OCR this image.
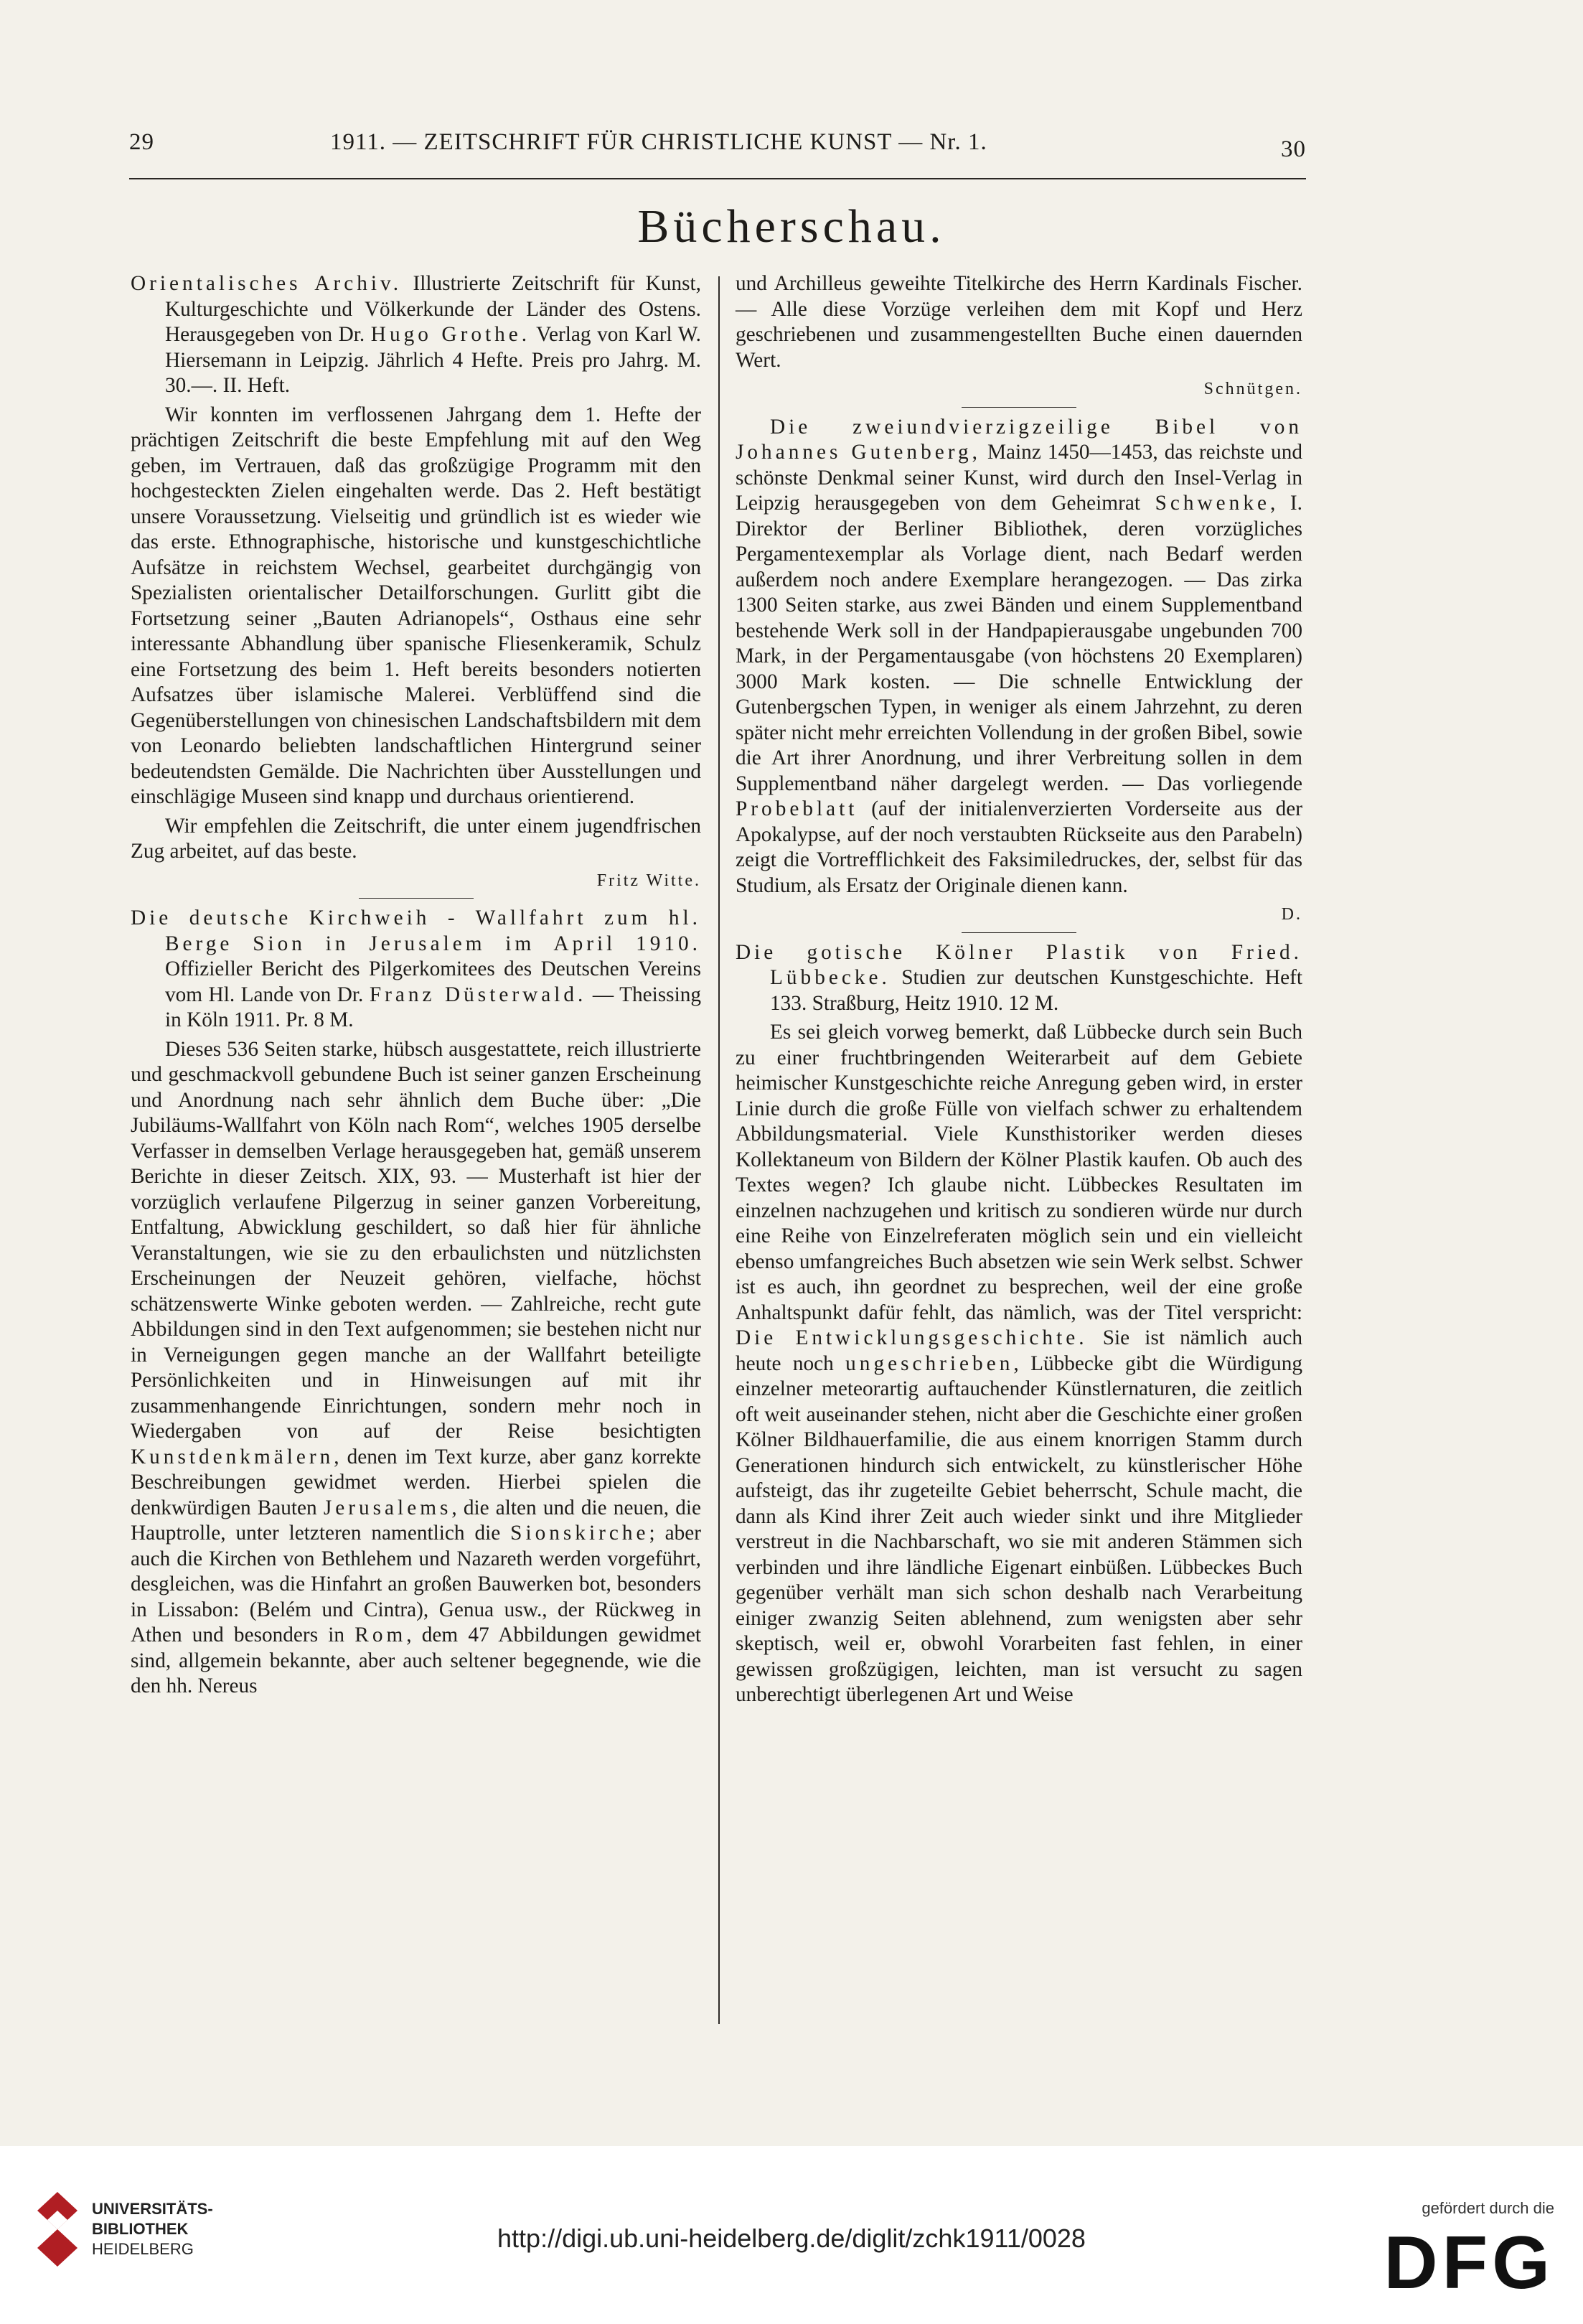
29	1911. — ZEITSCHRIFT FÜR CHRISTLICHE KUNST — Nr. 1.	30
Bücherschau.

Orientalisches Archiv. Illustrierte Zeitschrift für Kunst, Kulturgeschichte und Völkerkunde der Länder des Ostens. Herausgegeben von Dr. Hugo Grothe. Verlag von Karl W. Hiersemann in Leipzig. Jährlich 4 Hefte. Preis pro Jahrg. M. 30.—. II. Heft.

Wir konnten im verflossenen Jahrgang dem 1. Hefte der prächtigen Zeitschrift die beste Empfehlung mit auf den Weg geben, im Vertrauen, daß das großzügige Programm mit den hochgesteckten Zielen eingehalten werde. Das 2. Heft bestätigt unsere Voraussetzung. Vielseitig und gründlich ist es wieder wie das erste. Ethnographische, historische und kunstgeschichtliche Aufsätze in reichstem Wechsel, gearbeitet durchgängig von Spezialisten orientalischer Detailforschungen. Gurlitt gibt die Fortsetzung seiner „Bauten Adrianopels“, Osthaus eine sehr interessante Abhandlung über spanische Fliesenkeramik, Schulz eine Fortsetzung des beim 1. Heft bereits besonders notierten Aufsatzes über islamische Malerei. Verblüffend sind die Gegenüberstellungen von chinesischen Landschaftsbildern mit dem von Leonardo beliebten landschaftlichen Hintergrund seiner bedeutendsten Gemälde. Die Nachrichten über Ausstellungen und einschlägige Museen sind knapp und durchaus orientierend.

Wir empfehlen die Zeitschrift, die unter einem jugendfrischen Zug arbeitet, auf das beste.

Fritz Witte.

Die deutsche Kirchweih - Wallfahrt zum hl. Berge Sion in Jerusalem im April 1910. Offizieller Bericht des Pilgerkomitees des Deutschen Vereins vom Hl. Lande von Dr. Franz Düsterwald. — Theissing in Köln 1911. Pr. 8 M.

Dieses 536 Seiten starke, hübsch ausgestattete, reich illustrierte und geschmackvoll gebundene Buch ist seiner ganzen Erscheinung und Anordnung nach sehr ähnlich dem Buche über: „Die Jubiläums-Wallfahrt von Köln nach Rom“, welches 1905 derselbe Verfasser in demselben Verlage herausgegeben hat, gemäß unserem Berichte in dieser Zeitsch. XIX, 93. — Musterhaft ist hier der vorzüglich verlaufene Pilgerzug in seiner ganzen Vorbereitung, Entfaltung, Abwicklung geschildert, so daß hier für ähnliche Veranstaltungen, wie sie zu den erbaulichsten und nützlichsten Erscheinungen der Neuzeit gehören, vielfache, höchst schätzenswerte Winke geboten werden. — Zahlreiche, recht gute Abbildungen sind in den Text aufgenommen; sie bestehen nicht nur in Verneigungen gegen manche an der Wallfahrt beteiligte Persönlichkeiten und in Hinweisungen auf mit ihr zusammenhangende Einrichtungen, sondern mehr noch in Wiedergaben von auf der Reise besichtigten Kunstdenkmälern, denen im Text kurze, aber ganz korrekte Beschreibungen gewidmet werden. Hierbei spielen die denkwürdigen Bauten Jerusalems, die alten und die neuen, die Hauptrolle, unter letzteren namentlich die Sionskirche; aber auch die Kirchen von Bethlehem und Nazareth werden vorgeführt, desgleichen, was die Hinfahrt an großen Bauwerken bot, besonders in Lissabon: (Belém und Cintra), Genua usw., der Rückweg in Athen und besonders in Rom, dem 47 Abbildungen gewidmet sind, allgemein bekannte, aber auch seltener begegnende, wie die den hh. Nereus

und Archilleus geweihte Titelkirche des Herrn Kardinals Fischer. — Alle diese Vorzüge verleihen dem mit Kopf und Herz geschriebenen und zusammengestellten Buche einen dauernden Wert.

Schnütgen.

Die zweiundvierzigzeilige Bibel von Johannes Gutenberg, Mainz 1450—1453, das reichste und schönste Denkmal seiner Kunst, wird durch den Insel-Verlag in Leipzig herausgegeben von dem Geheimrat Schwenke, I. Direktor der Berliner Bibliothek, deren vorzügliches Pergamentexemplar als Vorlage dient, nach Bedarf werden außerdem noch andere Exemplare herangezogen. — Das zirka 1300 Seiten starke, aus zwei Bänden und einem Supplementband bestehende Werk soll in der Handpapierausgabe ungebunden 700 Mark, in der Pergamentausgabe (von höchstens 20 Exemplaren) 3000 Mark kosten. — Die schnelle Entwicklung der Gutenbergschen Typen, in weniger als einem Jahrzehnt, zu deren später nicht mehr erreichten Vollendung in der großen Bibel, sowie die Art ihrer Anordnung, und ihrer Verbreitung sollen in dem Supplementband näher dargelegt werden. — Das vorliegende Probeblatt (auf der initialenverzierten Vorderseite aus der Apokalypse, auf der noch verstaubten Rückseite aus den Parabeln) zeigt die Vortrefflichkeit des Faksimiledruckes, der, selbst für das Studium, als Ersatz der Originale dienen kann.

D.

Die gotische Kölner Plastik von Fried. Lübbecke. Studien zur deutschen Kunstgeschichte. Heft 133. Straßburg, Heitz 1910. 12 M.

Es sei gleich vorweg bemerkt, daß Lübbecke durch sein Buch zu einer fruchtbringenden Weiterarbeit auf dem Gebiete heimischer Kunstgeschichte reiche Anregung geben wird, in erster Linie durch die große Fülle von vielfach schwer zu erhaltendem Abbildungsmaterial. Viele Kunsthistoriker werden dieses Kollektaneum von Bildern der Kölner Plastik kaufen. Ob auch des Textes wegen? Ich glaube nicht. Lübbeckes Resultaten im einzelnen nachzugehen und kritisch zu sondieren würde nur durch eine Reihe von Einzelreferaten möglich sein und ein vielleicht ebenso umfangreiches Buch absetzen wie sein Werk selbst. Schwer ist es auch, ihn geordnet zu besprechen, weil der eine große Anhaltspunkt dafür fehlt, das nämlich, was der Titel verspricht: Die Entwicklungsgeschichte. Sie ist nämlich auch heute noch ungeschrieben, Lübbecke gibt die Würdigung einzelner meteorartig auftauchender Künstlernaturen, die zeitlich oft weit auseinander stehen, nicht aber die Geschichte einer großen Kölner Bildhauerfamilie, die aus einem knorrigen Stamm durch Generationen hindurch sich entwickelt, zu künstlerischer Höhe aufsteigt, das ihr zugeteilte Gebiet beherrscht, Schule macht, die dann als Kind ihrer Zeit auch wieder sinkt und ihre Mitglieder verstreut in die Nachbarschaft, wo sie mit anderen Stämmen sich verbinden und ihre ländliche Eigenart einbüßen. Lübbeckes Buch gegenüber verhält man sich schon deshalb nach Verarbeitung einiger zwanzig Seiten ablehnend, zum wenigsten aber sehr skeptisch, weil er, obwohl Vorarbeiten fast fehlen, in einer gewissen großzügigen, leichten, man ist versucht zu sagen unberechtigt überlegenen Art und Weise

UNIVERSITÄTS-
BIBLIOTHEK
HEIDELBERG	http://digi.ub.uni-heidelberg.de/diglit/zchk1911/0028
gefördert durch die
DFG
